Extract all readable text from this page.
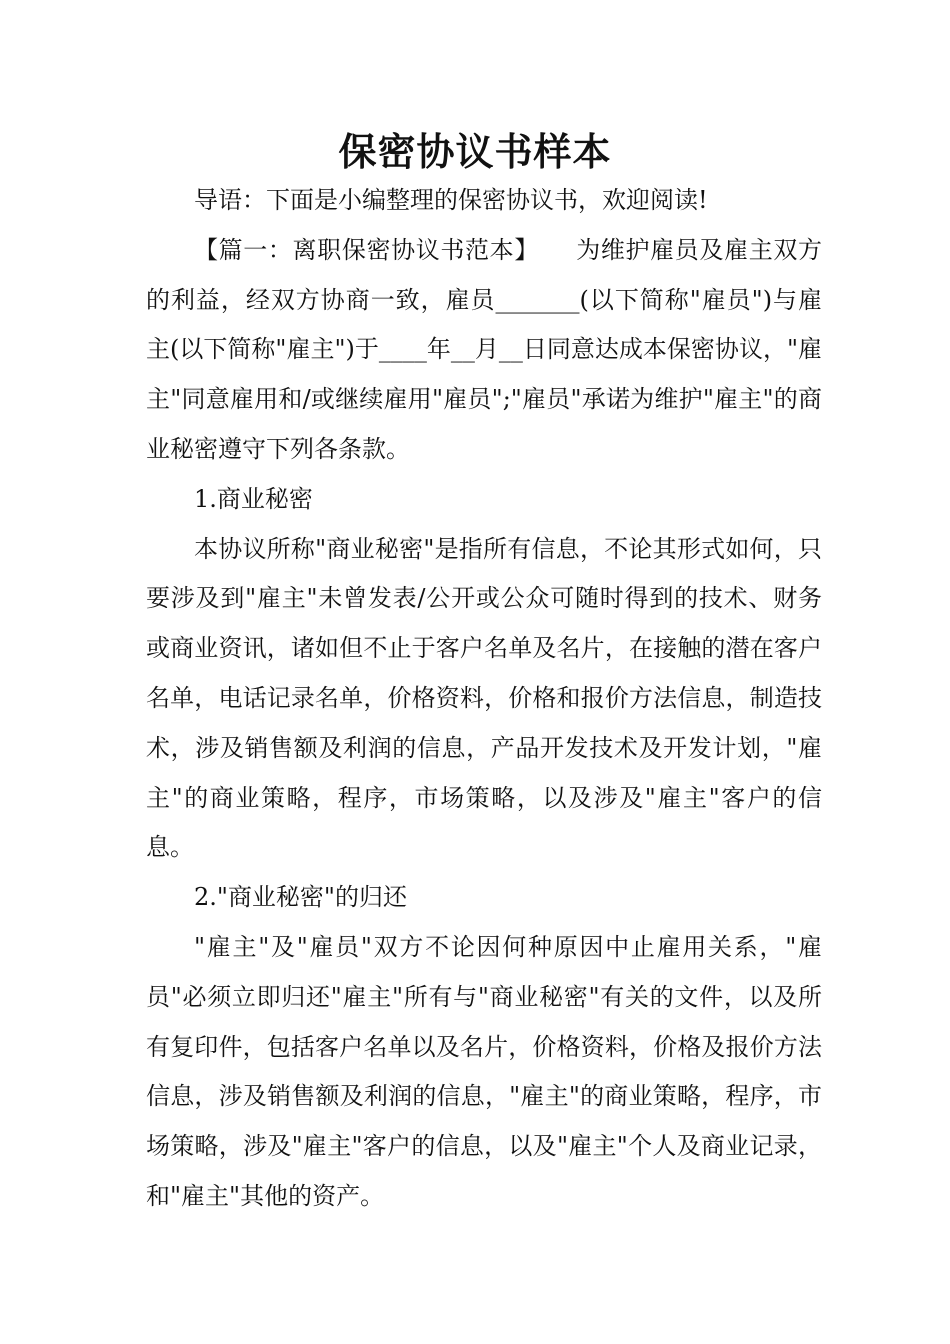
保密协议书样本

导语：下面是小编整理的保密协议书，欢迎阅读!

【篇一：离职保密协议书范本】　　为维护雇员及雇主双方的利益，经双方协商一致，雇员_______(以下简称"雇员")与雇主(以下简称"雇主")于____年__月__日同意达成本保密协议，"雇主"同意雇用和/或继续雇用"雇员";"雇员"承诺为维护"雇主"的商业秘密遵守下列各条款。

1.商业秘密

本协议所称"商业秘密"是指所有信息，不论其形式如何，只要涉及到"雇主"未曾发表/公开或公众可随时得到的技术、财务或商业资讯，诸如但不止于客户名单及名片，在接触的潜在客户名单，电话记录名单，价格资料，价格和报价方法信息，制造技术，涉及销售额及利润的信息，产品开发技术及开发计划，"雇主"的商业策略，程序，市场策略，以及涉及"雇主"客户的信息。

2."商业秘密"的归还

"雇主"及"雇员"双方不论因何种原因中止雇用关系，"雇员"必须立即归还"雇主"所有与"商业秘密"有关的文件，以及所有复印件，包括客户名单以及名片，价格资料，价格及报价方法信息，涉及销售额及利润的信息，"雇主"的商业策略，程序，市场策略，涉及"雇主"客户的信息，以及"雇主"个人及商业记录，和"雇主"其他的资产。
